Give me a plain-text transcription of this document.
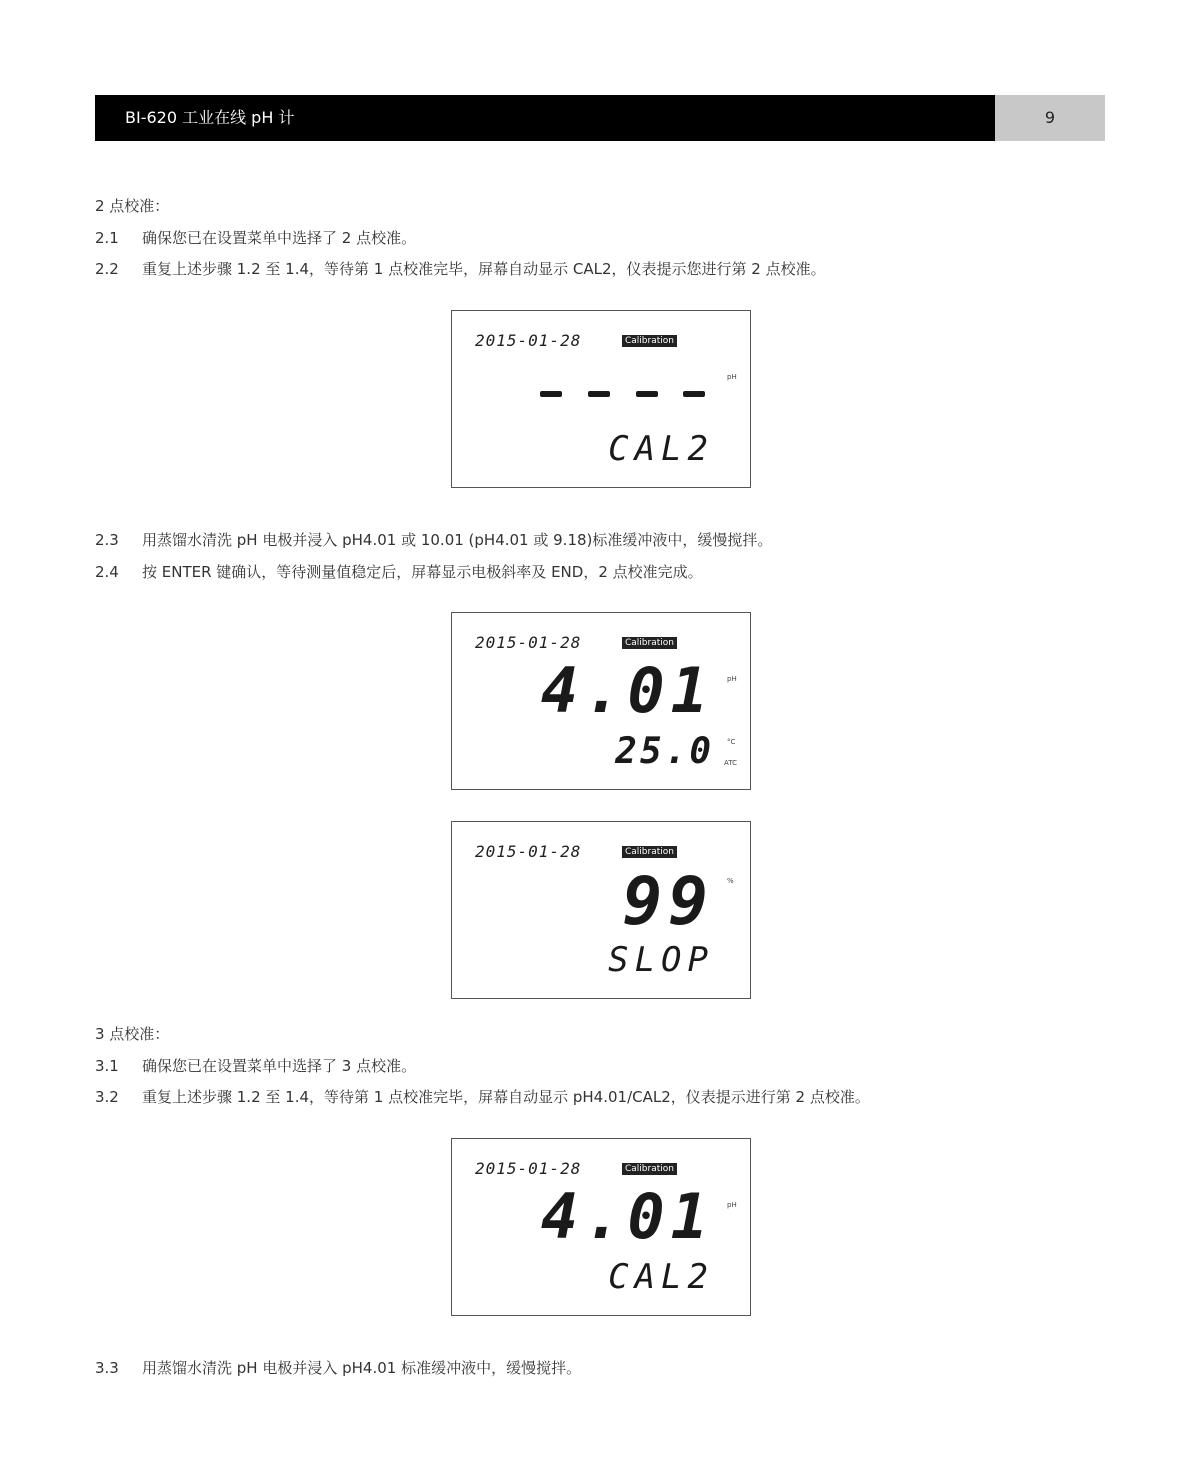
BI-620 工业在线 pH 计	9
2 点校准：
2.1 确保您已在设置菜单中选择了 2 点校准。
2.2 重复上述步骤 1.2 至 1.4，等待第 1 点校准完毕，屏幕自动显示 CAL2，仪表提示您进行第 2 点校准。
2015-01-28	Calibration
pH
CAL2
2.3 用蒸馏水清洗 pH 电极并浸入 pH4.01 或 10.01 (pH4.01 或 9.18)标准缓冲液中，缓慢搅拌。
2.4 按 ENTER 键确认，等待测量值稳定后，屏幕显示电极斜率及 END，2 点校准完成。
2015-01-28	Calibration
pH
4.01
25.0 °C
ATC
2015-01-28	Calibration
%
99
SLOP
3 点校准：
3.1 确保您已在设置菜单中选择了 3 点校准。
3.2 重复上述步骤 1.2 至 1.4，等待第 1 点校准完毕，屏幕自动显示 pH4.01/CAL2，仪表提示进行第 2 点校准。
2015-01-28	Calibration
pH
4.01
CAL2
3.3 用蒸馏水清洗 pH 电极并浸入 pH4.01 标准缓冲液中，缓慢搅拌。
